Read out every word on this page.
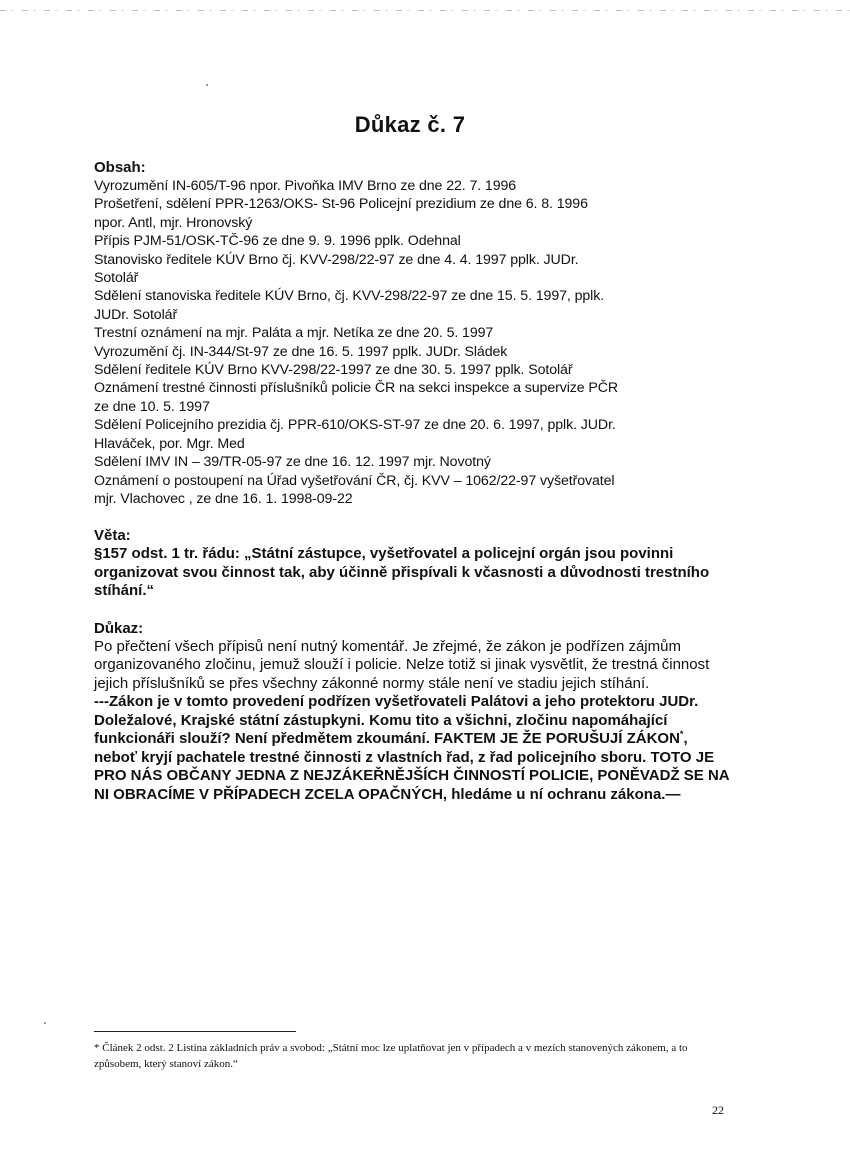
Důkaz č. 7

Obsah:

Vyrozumění IN-605/T-96 npor. Pivoňka IMV Brno ze dne 22. 7. 1996
Prošetření, sdělení PPR-1263/OKS- St-96 Policejní prezidium ze dne 6. 8. 1996
npor. Antl, mjr. Hronovský
Přípis PJM-51/OSK-TČ-96 ze dne 9. 9. 1996 pplk. Odehnal
Stanovisko ředitele KÚV Brno čj. KVV-298/22-97 ze dne 4. 4. 1997 pplk. JUDr.
Sotolář
Sdělení stanoviska ředitele KÚV Brno, čj. KVV-298/22-97 ze dne 15. 5. 1997, pplk.
JUDr. Sotolář
Trestní oznámení na mjr. Paláta a mjr. Netíka ze dne 20. 5. 1997
Vyrozumění čj. IN-344/St-97 ze dne 16. 5. 1997 pplk. JUDr. Sládek
Sdělení ředitele KÚV Brno KVV-298/22-1997 ze dne 30. 5. 1997 pplk. Sotolář
Oznámení trestné činnosti příslušníků policie ČR na sekci inspekce a supervize PČR
ze dne 10. 5. 1997
Sdělení Policejního prezidia čj. PPR-610/OKS-ST-97 ze dne 20. 6. 1997, pplk. JUDr.
Hlaváček, por. Mgr. Med
Sdělení IMV IN – 39/TR-05-97 ze dne 16. 12. 1997 mjr. Novotný
Oznámení o postoupení na Úřad vyšetřování ČR, čj. KVV – 1062/22-97 vyšetřovatel
mjr. Vlachovec , ze dne 16. 1. 1998-09-22

Věta:

§157 odst. 1 tr. řádu: „Státní zástupce, vyšetřovatel a policejní orgán jsou povinni organizovat svou činnost tak, aby účinně přispívali k včasnosti a důvodnosti trestního stíhání.“

Důkaz:

Po přečtení všech přípisů není nutný komentář. Je zřejmé, že zákon je podřízen zájmům organizovaného zločinu, jemuž slouží i policie. Nelze totiž si jinak vysvětlit, že trestná činnost jejich příslušníků se přes všechny zákonné normy stále není ve stadiu jejich stíhání.

---Zákon je v tomto provedení podřízen vyšetřovateli Palátovi a jeho protektoru JUDr. Doležalové, Krajské státní zástupkyni. Komu tito a všichni, zločinu napomáhající funkcionáři slouží? Není předmětem zkoumání. FAKTEM JE ŽE PORUŠUJÍ ZÁKON*, neboť kryjí pachatele trestné činnosti z vlastních řad, z řad policejního sboru. TOTO JE PRO NÁS OBČANY JEDNA Z NEJZÁKEŘNĚJŠÍCH ČINNOSTÍ POLICIE, PONĚVADŽ SE NA NI OBRACÍME V PŘÍPADECH ZCELA OPAČNÝCH, hledáme u ní ochranu zákona.—

* Článek 2 odst. 2 Listina základních práv a svobod: „Státní moc lze uplatňovat jen v případech a v mezích stanovených zákonem, a to způsobem, který stanoví zákon.“
22
